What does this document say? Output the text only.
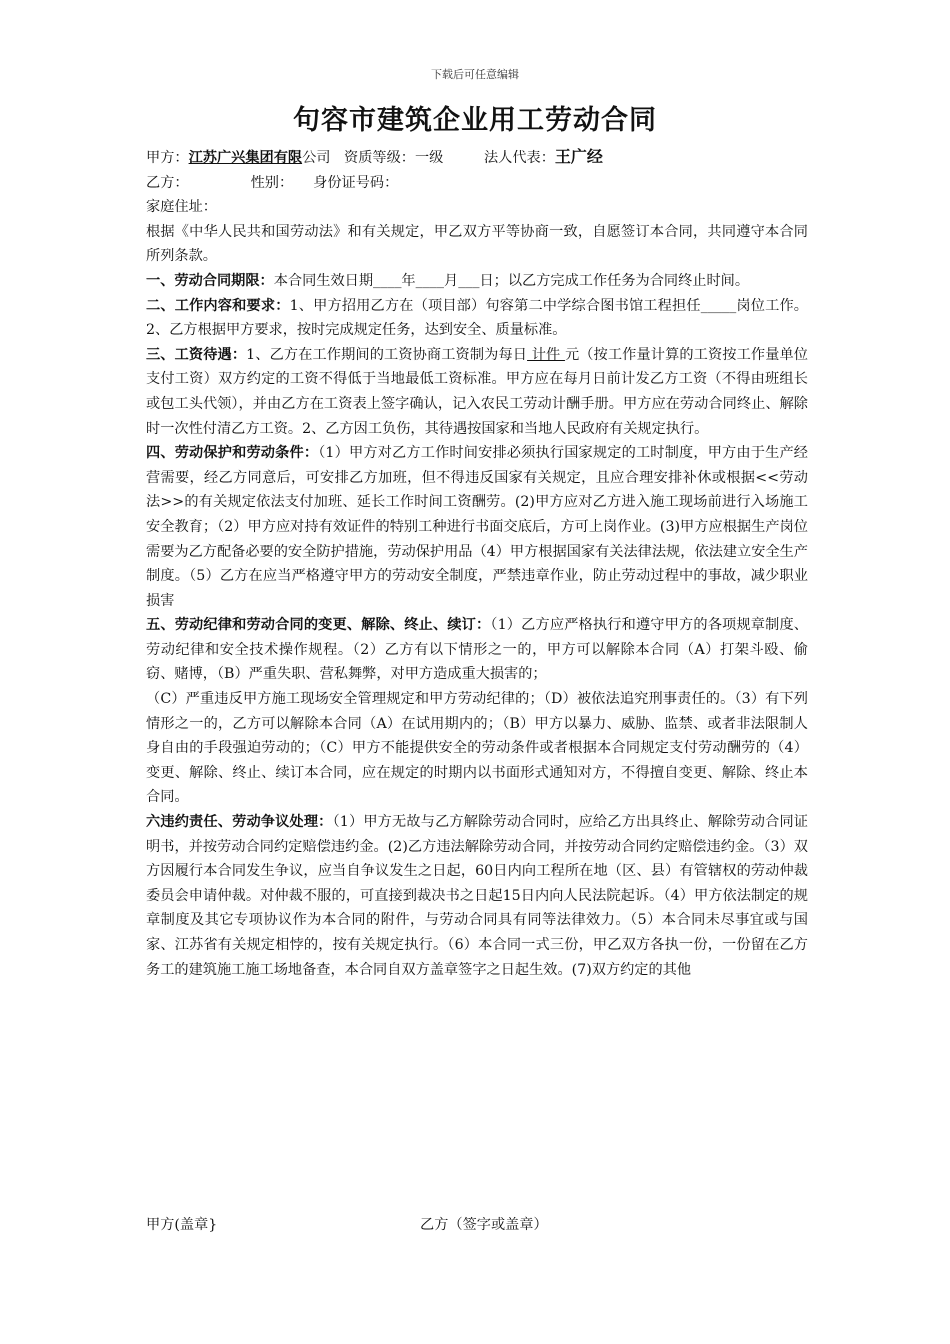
下载后可任意编辑
句容市建筑企业用工劳动合同

甲方：江苏广兴集团有限公司 资质等级：一级	法人代表：王广经

乙方：	性别： 身份证号码：

家庭住址：

根据《中华人民共和国劳动法》和有关规定，甲乙双方平等协商一致，自愿签订本合同，共同遵守本合同所列条款。

一、劳动合同期限：本合同生效日期____年____月___日；以乙方完成工作任务为合同终止时间。

二、工作内容和要求：1、甲方招用乙方在（项目部）句容第二中学综合图书馆工程担任_____岗位工作。2、乙方根据甲方要求，按时完成规定任务，达到安全、质量标准。

三、工资待遇：1、乙方在工作期间的工资协商工资制为每日 计件 元（按工作量计算的工资按工作量单位支付工资）双方约定的工资不得低于当地最低工资标准。甲方应在每月日前计发乙方工资（不得由班组长或包工头代领），并由乙方在工资表上签字确认，记入农民工劳动计酬手册。甲方应在劳动合同终止、解除时一次性付清乙方工资。2、乙方因工负伤，其待遇按国家和当地人民政府有关规定执行。

四、劳动保护和劳动条件：（1）甲方对乙方工作时间安排必须执行国家规定的工时制度，甲方由于生产经营需要，经乙方同意后，可安排乙方加班，但不得违反国家有关规定，且应合理安排补休或根据<<劳动法>>的有关规定依法支付加班、延长工作时间工资酬劳。(2)甲方应对乙方进入施工现场前进行入场施工安全教育；（2）甲方应对持有效证件的特别工种进行书面交底后，方可上岗作业。(3)甲方应根据生产岗位需要为乙方配备必要的安全防护措施，劳动保护用品（4）甲方根据国家有关法律法规，依法建立安全生产制度。（5）乙方在应当严格遵守甲方的劳动安全制度，严禁违章作业，防止劳动过程中的事故，减少职业损害

五、劳动纪律和劳动合同的变更、解除、终止、续订：（1）乙方应严格执行和遵守甲方的各项规章制度、劳动纪律和安全技术操作规程。（2）乙方有以下情形之一的，甲方可以解除本合同（A）打架斗殴、偷窃、赌博，（B）严重失职、营私舞弊，对甲方造成重大损害的；

（C）严重违反甲方施工现场安全管理规定和甲方劳动纪律的；（D）被依法追究刑事责任的。（3）有下列情形之一的，乙方可以解除本合同（A）在试用期内的；（B）甲方以暴力、威胁、监禁、或者非法限制人身自由的手段强迫劳动的；（C）甲方不能提供安全的劳动条件或者根据本合同规定支付劳动酬劳的（4）变更、解除、终止、续订本合同，应在规定的时期内以书面形式通知对方，不得擅自变更、解除、终止本合同。

六违约责任、劳动争议处理：（1）甲方无故与乙方解除劳动合同时，应给乙方出具终止、解除劳动合同证明书，并按劳动合同约定赔偿违约金。(2)乙方违法解除劳动合同，并按劳动合同约定赔偿违约金。（3）双方因履行本合同发生争议，应当自争议发生之日起，60日内向工程所在地（区、县）有管辖权的劳动仲裁委员会申请仲裁。对仲裁不服的，可直接到裁决书之日起15日内向人民法院起诉。（4）甲方依法制定的规章制度及其它专项协议作为本合同的附件，与劳动合同具有同等法律效力。（5）本合同未尽事宜或与国家、江苏省有关规定相悖的，按有关规定执行。（6）本合同一式三份，甲乙双方各执一份，一份留在乙方务工的建筑施工施工场地备查，本合同自双方盖章签字之日起生效。(7)双方约定的其他

甲方(盖章}	乙方（签字或盖章）
